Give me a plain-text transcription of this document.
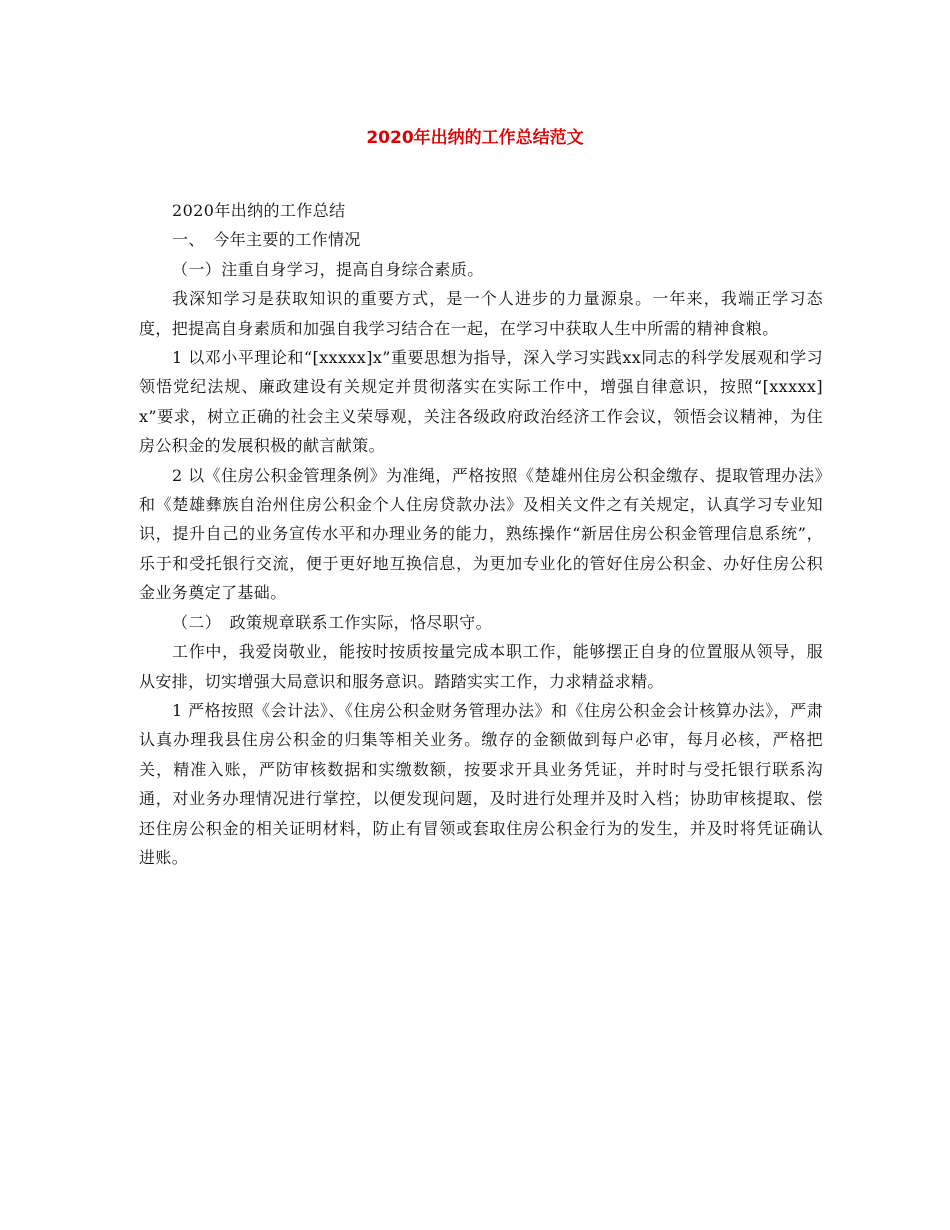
2020年出纳的工作总结范文

2020年出纳的工作总结

一、　今年主要的工作情况

（一）注重自身学习，提高自身综合素质。

我深知学习是获取知识的重要方式，是一个人进步的力量源泉。一年来，我端正学习态度，把提高自身素质和加强自我学习结合在一起，在学习中获取人生中所需的精神食粮。

1 以邓小平理论和“[xxxxx]x”重要思想为指导，深入学习实践xx同志的科学发展观和学习领悟党纪法规、廉政建设有关规定并贯彻落实在实际工作中，增强自律意识，按照“[xxxxx]x”要求，树立正确的社会主义荣辱观，关注各级政府政治经济工作会议，领悟会议精神，为住房公积金的发展积极的献言献策。

2 以《住房公积金管理条例》为准绳，严格按照《楚雄州住房公积金缴存、提取管理办法》和《楚雄彝族自治州住房公积金个人住房贷款办法》及相关文件之有关规定，认真学习专业知识，提升自己的业务宣传水平和办理业务的能力，熟练操作“新居住房公积金管理信息系统”，乐于和受托银行交流，便于更好地互换信息，为更加专业化的管好住房公积金、办好住房公积金业务奠定了基础。

（二）　政策规章联系工作实际，恪尽职守。

工作中，我爱岗敬业，能按时按质按量完成本职工作，能够摆正自身的位置服从领导，服从安排，切实增强大局意识和服务意识。踏踏实实工作，力求精益求精。

1 严格按照《会计法》、《住房公积金财务管理办法》和《住房公积金会计核算办法》，严肃认真办理我县住房公积金的归集等相关业务。缴存的金额做到每户必审，每月必核，严格把关，精准入账，严防审核数据和实缴数额，按要求开具业务凭证，并时时与受托银行联系沟通，对业务办理情况进行掌控，以便发现问题，及时进行处理并及时入档；协助审核提取、偿还住房公积金的相关证明材料，防止有冒领或套取住房公积金行为的发生，并及时将凭证确认进账。
